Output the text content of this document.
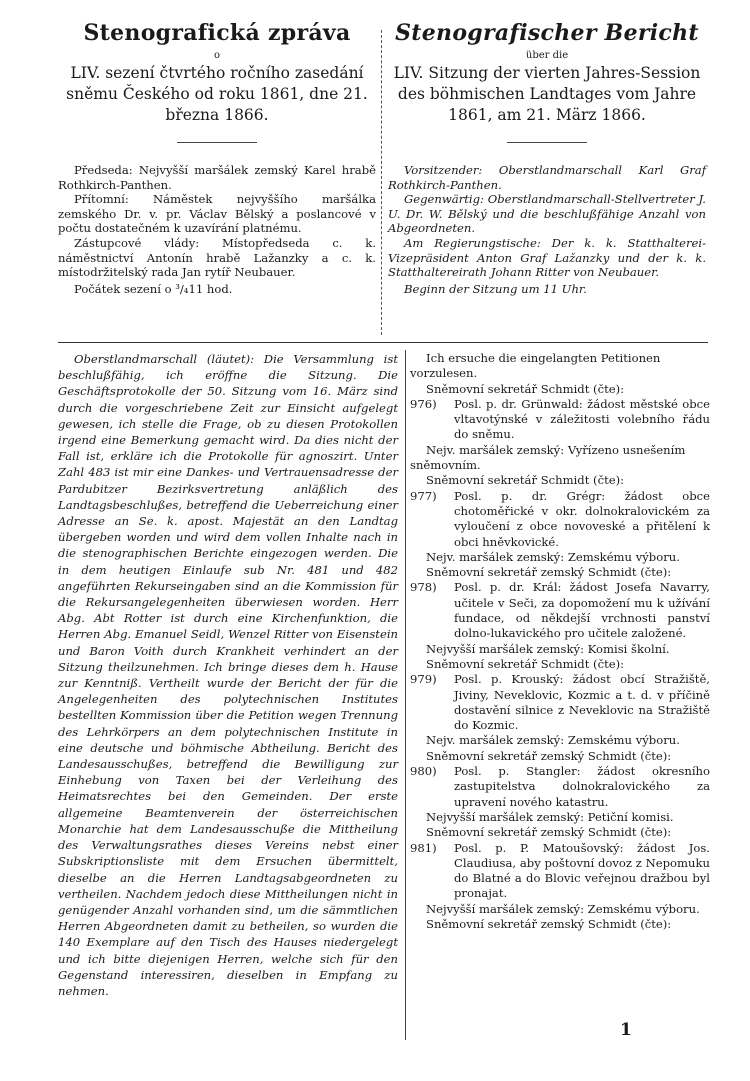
Stenografická zpráva
o
LIV. sezení čtvrtého ročního zasedání sněmu Českého od roku 1861, dne 21. března 1866.

Předseda: Nejvyšší maršálek zemský Karel hrabě Rothkirch-Panthen.

Přítomní: Náměstek nejvyššího maršálka zemského Dr. v. pr. Václav Bělský a poslancové v počtu dostatečném k uzavírání platnému.

Zástupcové vlády: Místopředseda c. k. náměstnictví Antonín hrabě Lažanzky a c. k. místodržitelský rada Jan rytíř Neubauer.

Počátek sezení o ³/₄11 hod.

Stenografischer Bericht
über die
LIV. Sitzung der vierten Jahres-Session des böhmischen Landtages vom Jahre 1861, am 21. März 1866.

Vorsitzender: Oberstlandmarschall Karl Graf Rothkirch-Panthen.

Gegenwärtig: Oberstlandmarschall-Stellvertreter J. U. Dr. W. Bělský und die beschlußfähige Anzahl von Abgeordneten.

Am Regierungstische: Der k. k. Statthalterei-Vizepräsident Anton Graf Lažanzky und der k. k. Statthaltereirath Johann Ritter von Neubauer.

Beginn der Sitzung um 11 Uhr.

Oberstlandmarschall (läutet): Die Versammlung ist beschlußfähig, ich eröffne die Sitzung. Die Geschäftsprotokolle der 50. Sitzung vom 16. März sind durch die vorgeschriebene Zeit zur Einsicht aufgelegt gewesen, ich stelle die Frage, ob zu diesen Protokollen irgend eine Bemerkung gemacht wird. Da dies nicht der Fall ist, erkläre ich die Protokolle für agnoszirt. Unter Zahl 483 ist mir eine Dankes- und Vertrauensadresse der Pardubitzer Bezirksvertretung anläßlich des Landtagsbeschlußes, betreffend die Ueberreichung einer Adresse an Se. k. apost. Majestät an den Landtag übergeben worden und wird dem vollen Inhalte nach in die stenographischen Berichte eingezogen werden. Die in dem heutigen Einlaufe sub Nr. 481 und 482 angeführten Rekurseingaben sind an die Kommission für die Rekursangelegenheiten überwiesen worden. Herr Abg. Abt Rotter ist durch eine Kirchenfunktion, die Herren Abg. Emanuel Seidl, Wenzel Ritter von Eisenstein und Baron Voith durch Krankheit verhindert an der Sitzung theilzunehmen. Ich bringe dieses dem h. Hause zur Kenntniß. Vertheilt wurde der Bericht der für die Angelegenheiten des polytechnischen Institutes bestellten Kommission über die Petition wegen Trennung des Lehrkörpers an dem polytechnischen Institute in eine deutsche und böhmische Abtheilung. Bericht des Landesausschußes, betreffend die Bewilligung zur Einhebung von Taxen bei der Verleihung des Heimatsrechtes bei den Gemeinden. Der erste allgemeine Beamtenverein der österreichischen Monarchie hat dem Landesausschuße die Mittheilung des Verwaltungsrathes dieses Vereins nebst einer Subskriptionsliste mit dem Ersuchen übermittelt, dieselbe an die Herren Landtagsabgeordneten zu vertheilen. Nachdem jedoch diese Mittheilungen nicht in genügender Anzahl vorhanden sind, um die sämmtlichen Herren Abgeordneten damit zu betheilen, so wurden die 140 Exemplare auf den Tisch des Hauses niedergelegt und ich bitte diejenigen Herren, welche sich für den Gegenstand interessiren, dieselben in Empfang zu nehmen.

Ich ersuche die eingelangten Petitionen vorzulesen.

Sněmovní sekretář Schmidt (čte):

976)	Posl. p. dr. Grünwald: žádost městské obce vltavotýnské v záležitosti volebního řádu do sněmu.

Nejv. maršálek zemský: Vyřízeno usnešením sněmovním.

Sněmovní sekretář Schmidt (čte):

977)	Posl. p. dr. Grégr: žádost obce chotoměřické v okr. dolnokralovickém za vyloučení z obce novoveské a přitělení k obci hněvkovické.

Nejv. maršálek zemský: Zemskému výboru.

Sněmovní sekretář zemský Schmidt (čte):

978)	Posl. p. dr. Král: žádost Josefa Navarry, učitele v Seči, za dopomožení mu k užívání fundace, od někdejší vrchnosti panství dolno-lukavického pro učitele založené.

Nejvyšší maršálek zemský: Komisi školní.

Sněmovní sekretář Schmidt (čte):

979)	Posl. p. Krouský: žádost obcí Stražiště, Jiviny, Neveklovic, Kozmic a t. d. v příčině dostavění silnice z Neveklovic na Stražiště do Kozmic.

Nejv. maršálek zemský: Zemskému výboru.

Sněmovní sekretář zemský Schmidt (čte):

980)	Posl. p. Stangler: žádost okresního zastupitelstva dolnokralovického za upravení nového katastru.

Nejvyšší maršálek zemský: Petiční komisi.

Sněmovní sekretář zemský Schmidt (čte):

981)	Posl. p. P. Matoušovský: žádost Jos. Claudiusa, aby poštovní dovoz z Nepomuku do Blatné a do Blovic veřejnou dražbou byl pronajat.

Nejvyšší maršálek zemský: Zemskému výboru.

Sněmovní sekretář zemský Schmidt (čte):

1
